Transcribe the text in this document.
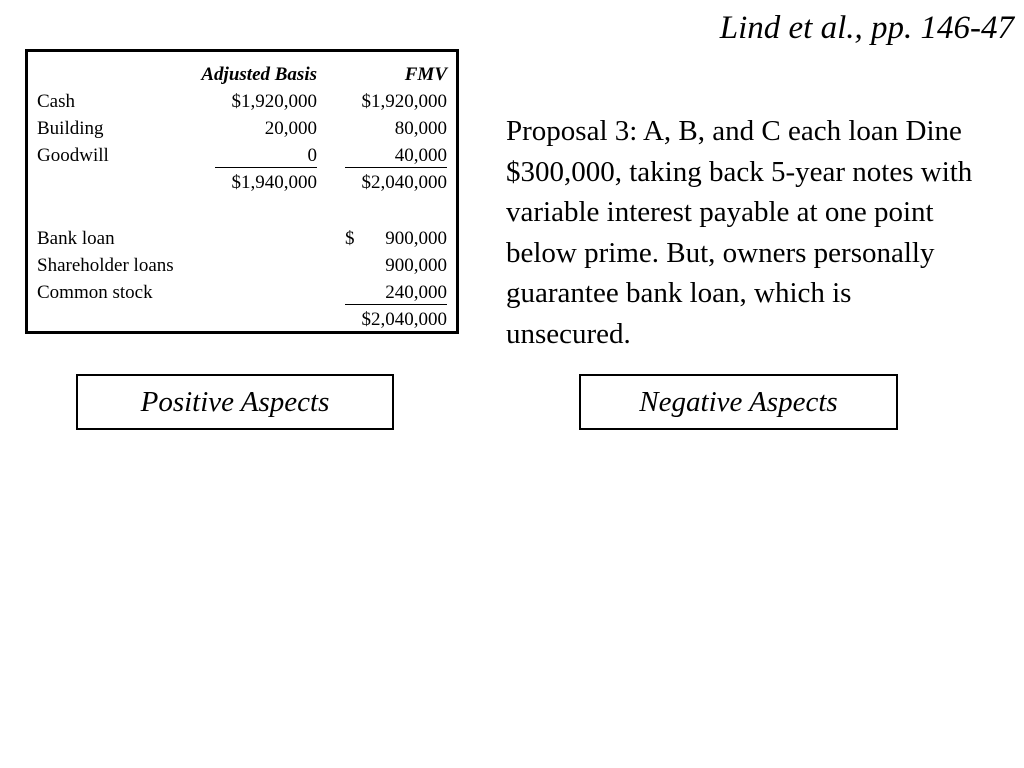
Lind et al., pp. 146-47
	Adjusted Basis	FMV
Cash	$1,920,000	$1,920,000
Building	20,000	80,000
Goodwill	0	40,000
	$1,940,000	$2,040,000

Bank loan		$ 900,000

Shareholder loans		900,000
Common stock		240,000
		$2,040,000
Proposal 3: A, B, and C each loan Dine $300,000, taking back 5-year notes with variable interest payable at one point below prime. But, owners personally guarantee bank loan, which is unsecured.
Positive Aspects	Negative Aspects
